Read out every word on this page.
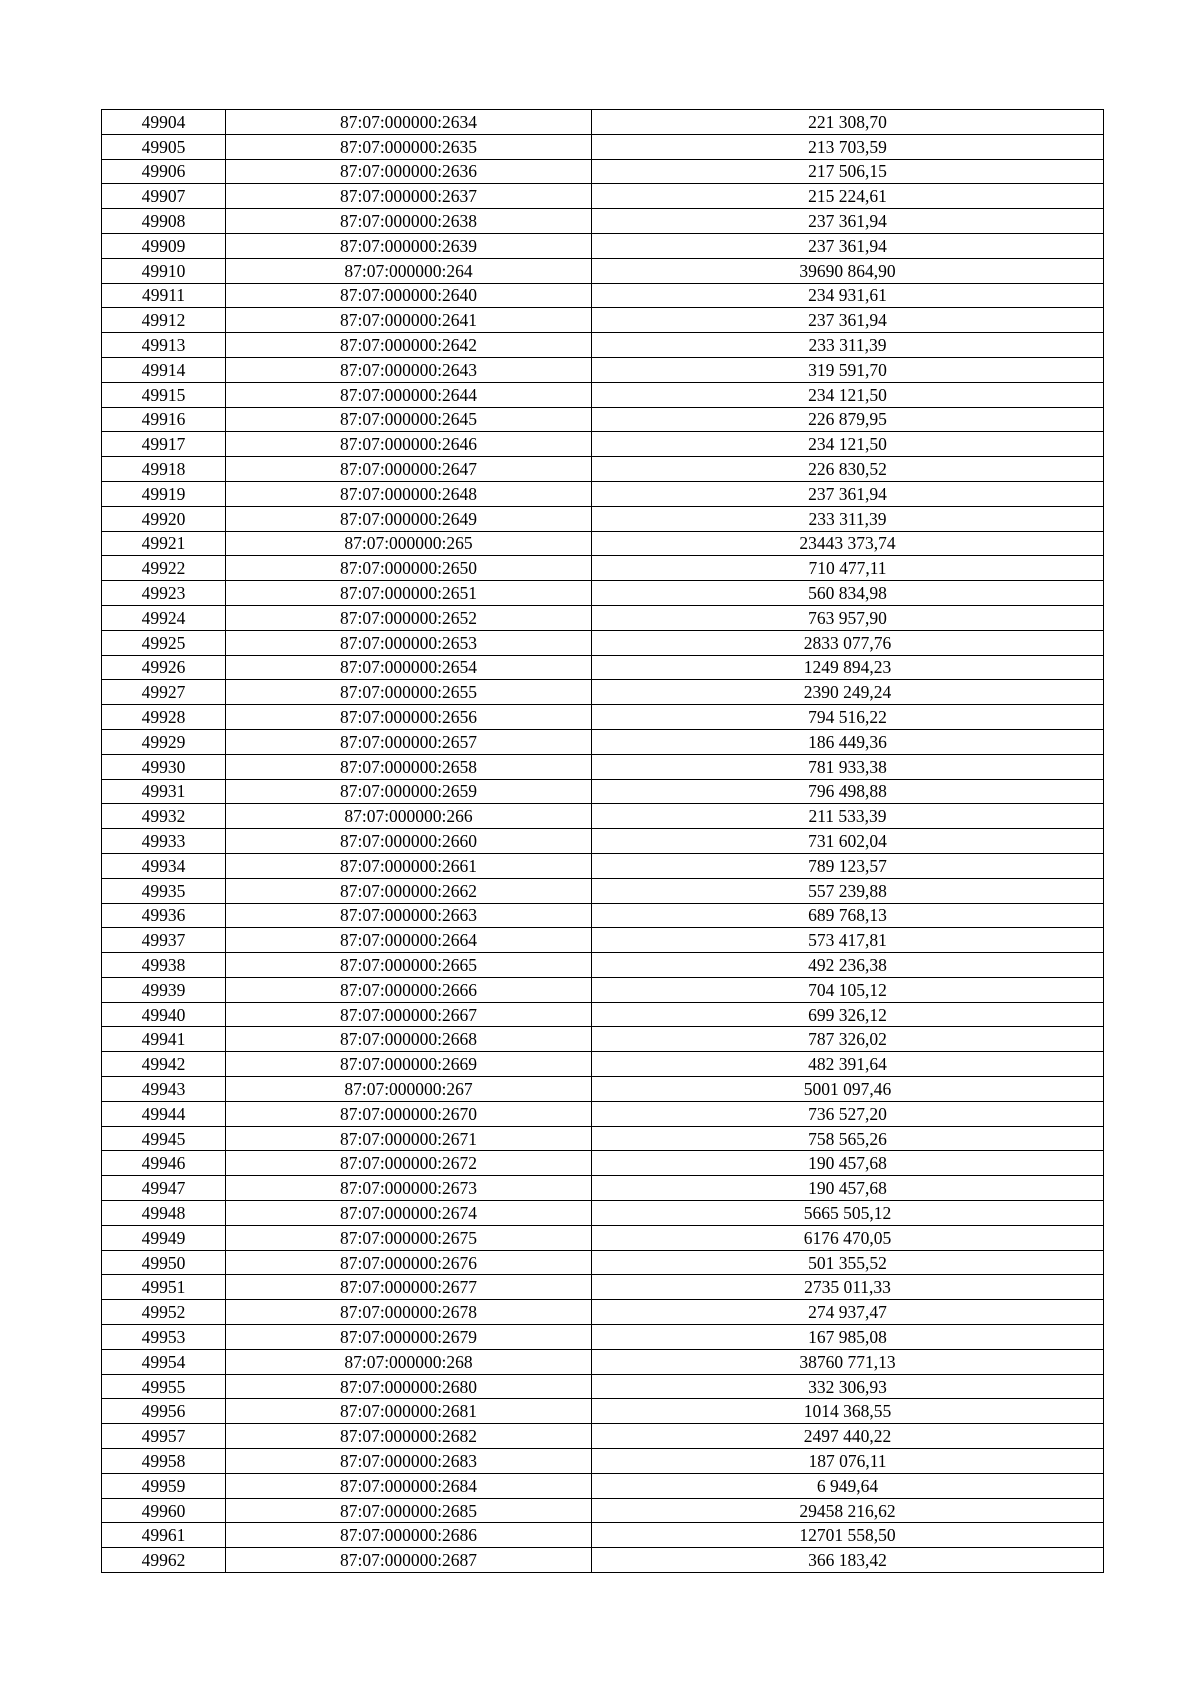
49904	87:07:000000:2634	221 308,70
49905	87:07:000000:2635	213 703,59
49906	87:07:000000:2636	217 506,15
49907	87:07:000000:2637	215 224,61
49908	87:07:000000:2638	237 361,94
49909	87:07:000000:2639	237 361,94
49910	87:07:000000:264	39690 864,90
49911	87:07:000000:2640	234 931,61
49912	87:07:000000:2641	237 361,94
49913	87:07:000000:2642	233 311,39
49914	87:07:000000:2643	319 591,70
49915	87:07:000000:2644	234 121,50
49916	87:07:000000:2645	226 879,95
49917	87:07:000000:2646	234 121,50
49918	87:07:000000:2647	226 830,52
49919	87:07:000000:2648	237 361,94
49920	87:07:000000:2649	233 311,39
49921	87:07:000000:265	23443 373,74
49922	87:07:000000:2650	710 477,11
49923	87:07:000000:2651	560 834,98
49924	87:07:000000:2652	763 957,90
49925	87:07:000000:2653	2833 077,76
49926	87:07:000000:2654	1249 894,23
49927	87:07:000000:2655	2390 249,24
49928	87:07:000000:2656	794 516,22
49929	87:07:000000:2657	186 449,36
49930	87:07:000000:2658	781 933,38
49931	87:07:000000:2659	796 498,88
49932	87:07:000000:266	211 533,39
49933	87:07:000000:2660	731 602,04
49934	87:07:000000:2661	789 123,57
49935	87:07:000000:2662	557 239,88
49936	87:07:000000:2663	689 768,13
49937	87:07:000000:2664	573 417,81
49938	87:07:000000:2665	492 236,38
49939	87:07:000000:2666	704 105,12
49940	87:07:000000:2667	699 326,12
49941	87:07:000000:2668	787 326,02
49942	87:07:000000:2669	482 391,64
49943	87:07:000000:267	5001 097,46
49944	87:07:000000:2670	736 527,20
49945	87:07:000000:2671	758 565,26
49946	87:07:000000:2672	190 457,68
49947	87:07:000000:2673	190 457,68
49948	87:07:000000:2674	5665 505,12
49949	87:07:000000:2675	6176 470,05
49950	87:07:000000:2676	501 355,52
49951	87:07:000000:2677	2735 011,33
49952	87:07:000000:2678	274 937,47
49953	87:07:000000:2679	167 985,08
49954	87:07:000000:268	38760 771,13
49955	87:07:000000:2680	332 306,93
49956	87:07:000000:2681	1014 368,55
49957	87:07:000000:2682	2497 440,22
49958	87:07:000000:2683	187 076,11
49959	87:07:000000:2684	6 949,64
49960	87:07:000000:2685	29458 216,62
49961	87:07:000000:2686	12701 558,50
49962	87:07:000000:2687	366 183,42
